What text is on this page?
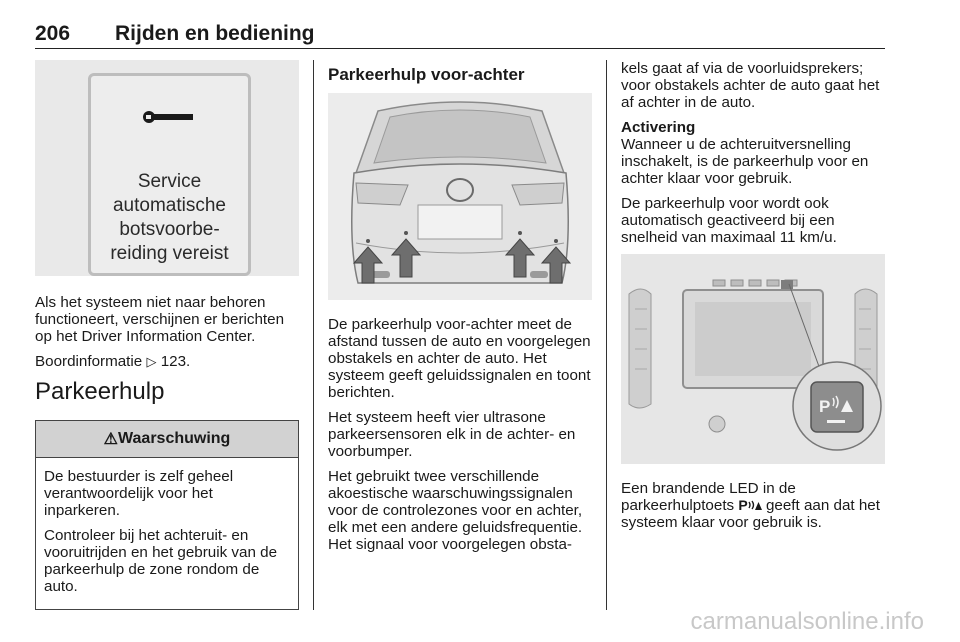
206 Rijden en bediening
Service
automatische
botsvoorbe-
reiding vereist

Als het systeem niet naar behoren functioneert, verschijnen er berichten op het Driver Information Center.

Boordinformatie ▷ 123.

Parkeerhulp
⚠ Waarschuwing

De bestuurder is zelf geheel verantwoordelijk voor het inparkeren.

Controleer bij het achteruit- en vooruitrijden en het gebruik van de parkeerhulp de zone rondom de auto.

Parkeerhulp voor-achter

De parkeerhulp voor-achter meet de afstand tussen de auto en voorgelegen obstakels en achter de auto. Het systeem geeft geluidssignalen en toont berichten.

Het systeem heeft vier ultrasone parkeersensoren elk in de achter- en voorbumper.

Het gebruikt twee verschillende akoestische waarschuwingssignalen voor de controlezones voor en achter, elk met een andere geluidsfrequentie. Het signaal voor voorgelegen obsta-

kels gaat af via de voorluidsprekers; voor obstakels achter de auto gaat het af achter in de auto.

Activering

Wanneer u de achteruitversnelling inschakelt, is de parkeerhulp voor en achter klaar voor gebruik.

De parkeerhulp voor wordt ook automatisch geactiveerd bij een snelheid van maximaal 11 km/u.

P

Een brandende LED in de parkeerhulptoets P geeft aan dat het systeem klaar voor gebruik is.

carmanualsonline.info
